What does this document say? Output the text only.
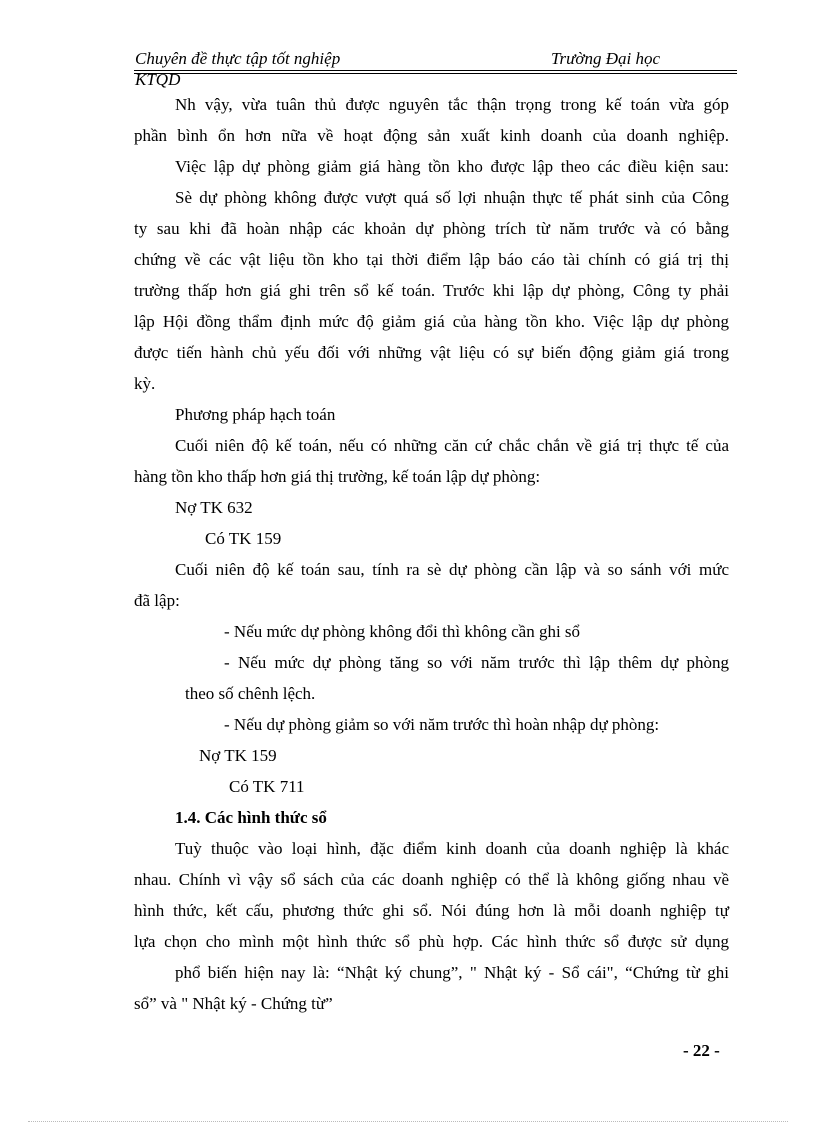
Chuyên đề thực tập tốt nghiệp	Trường Đại học
KTQD
Nh vậy, vừa tuân thủ được nguyên tắc thận trọng trong kế toán vừa góp
phần bình ổn hơn nữa về hoạt động sản xuất kinh doanh của doanh nghiệp.
Việc lập dự phòng giảm giá hàng tồn kho được lập theo các điều kiện sau:
Sè dự phòng không được vượt quá số lợi nhuận thực tế phát sinh của Công
ty sau khi đã hoàn nhập các khoản dự phòng trích từ năm trước và có bằng
chứng về các vật liệu tồn kho tại thời điểm lập báo cáo tài chính có giá trị thị
trường thấp hơn giá ghi trên sổ kế toán. Trước khi lập dự phòng, Công ty phải
lập Hội đồng thẩm định mức độ giảm giá của hàng tồn kho. Việc lập dự phòng
được tiến hành chủ yếu đối với những vật liệu có sự biến động giảm giá trong
kỳ.
Phương pháp hạch toán
Cuối niên độ kế toán, nếu có những căn cứ chắc chắn về giá trị thực tế của
hàng tồn kho thấp hơn giá thị trường, kế toán lập dự phòng:
Nợ TK 632
Có TK 159
Cuối niên độ kế toán sau, tính ra sè dự phòng cần lập và so sánh với mức
đã lập:
- Nếu mức dự phòng không đổi thì không cần ghi sổ
- Nếu mức dự phòng tăng so với năm trước thì lập thêm dự phòng
theo số chênh lệch.
- Nếu dự phòng giảm so với năm trước thì hoàn nhập dự phòng:
Nợ TK 159
Có TK 711
1.4. Các hình thức sổ
Tuỳ thuộc vào loại hình, đặc điểm kinh doanh của doanh nghiệp là khác
nhau. Chính vì vậy sổ sách của các doanh nghiệp có thể là không giống nhau về
hình thức, kết cấu, phương thức ghi sổ. Nói đúng hơn là mỗi doanh nghiệp tự
lựa chọn cho mình một hình thức sổ phù hợp. Các hình thức sổ được sử dụng
phổ biến hiện nay là: “Nhật ký chung”, " Nhật ký - Sổ cái", “Chứng từ ghi
sổ” và " Nhật ký - Chứng từ”
- 22 -
